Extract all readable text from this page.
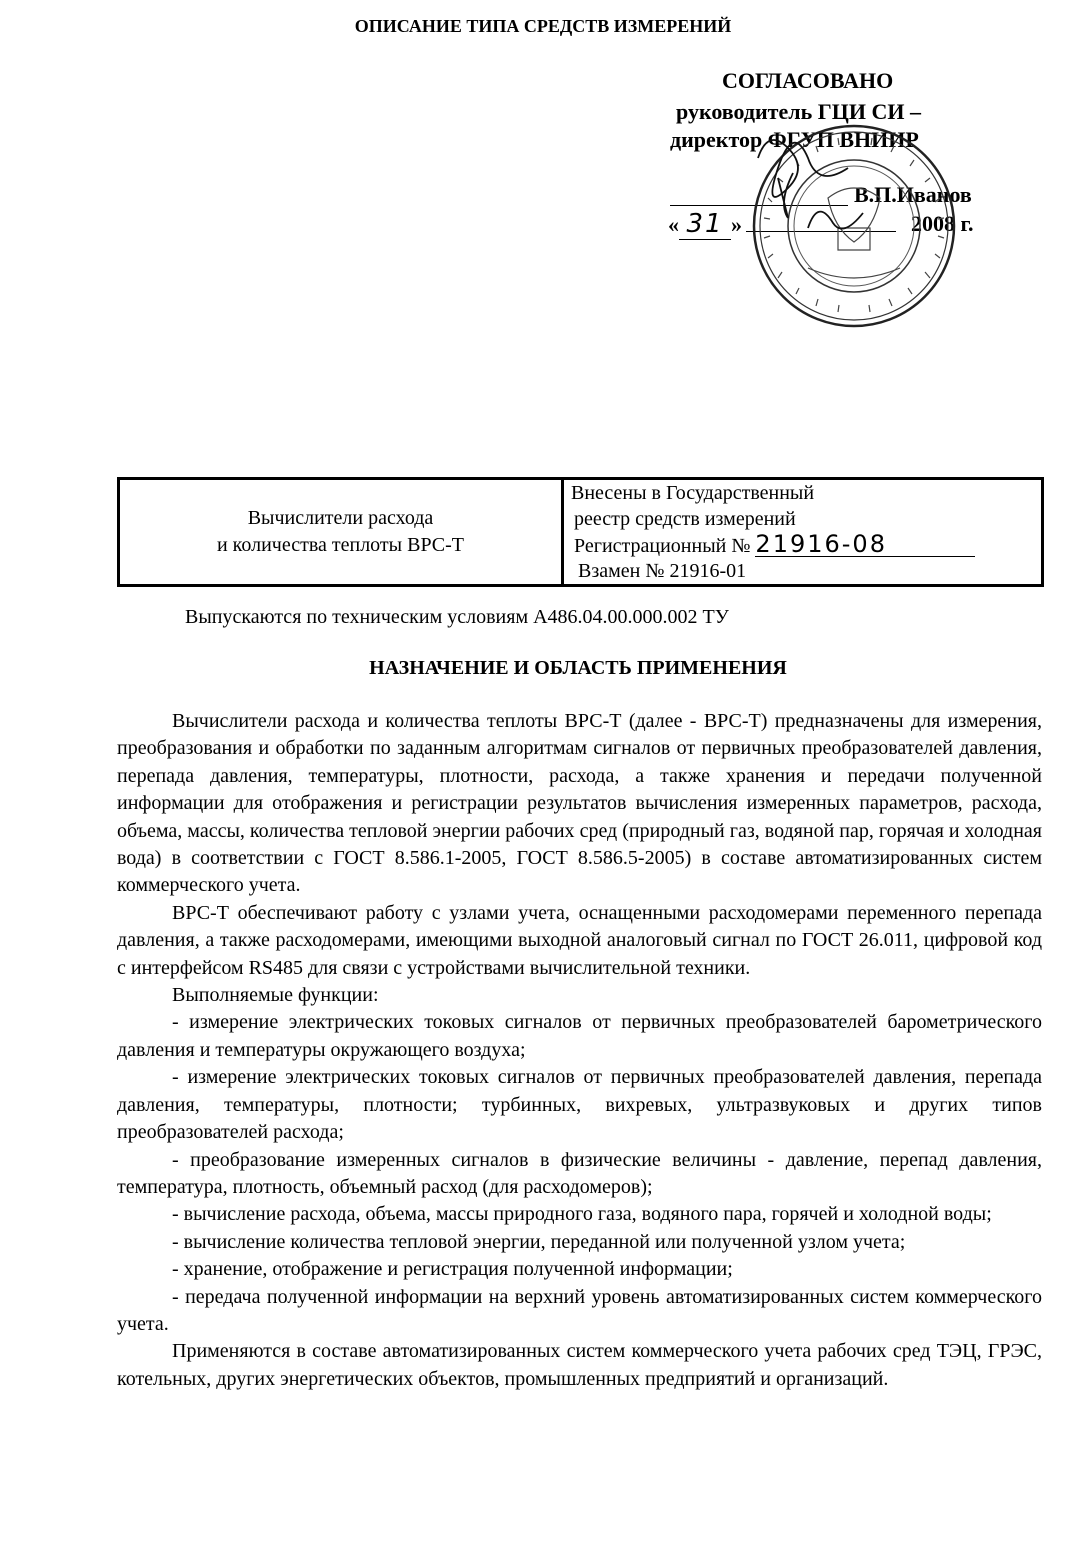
ОПИСАНИЕ ТИПА СРЕДСТВ ИЗМЕРЕНИЙ
СОГЛАСОВАНО
руководитель ГЦИ СИ –
директор ФГУП ВНИИР
В.П.Иванов
« 31 »	2008 г.
Вычислители расхода
и количества теплоты ВРС-Т
Внесены в Государственный
реестр средств измерений
Регистрационный № 21916-08
Взамен № 21916-01
Выпускаются по техническим условиям А486.04.00.000.002 ТУ
НАЗНАЧЕНИЕ И ОБЛАСТЬ ПРИМЕНЕНИЯ

Вычислители расхода и количества теплоты ВРС-Т (далее - ВРС-Т) предназначены для измерения, преобразования и обработки по заданным алгоритмам сигналов от первичных преобразователей давления, перепада давления, температуры, плотности, расхода, а также хранения и передачи полученной информации для отображения и регистрации результатов вычисления измеренных параметров, расхода, объема, массы, количества тепловой энергии рабочих сред (природный газ, водяной пар, горячая и холодная вода) в соответствии с ГОСТ 8.586.1-2005, ГОСТ 8.586.5-2005) в составе автоматизированных систем коммерческого учета.

ВРС-Т обеспечивают работу с узлами учета, оснащенными расходомерами переменного перепада давления, а также расходомерами, имеющими выходной аналоговый сигнал по ГОСТ 26.011, цифровой код с интерфейсом RS485 для связи с устройствами вычислительной техники.

Выполняемые функции:

- измерение электрических токовых сигналов от первичных преобразователей барометрического давления и температуры окружающего воздуха;

- измерение электрических токовых сигналов от первичных преобразователей давления, перепада давления, температуры, плотности; турбинных, вихревых, ультразвуковых и других типов преобразователей расхода;

- преобразование измеренных сигналов в физические величины - давление, перепад давления, температура, плотность, объемный расход (для расходомеров);

- вычисление расхода, объема, массы природного газа, водяного пара, горячей и холодной воды;

- вычисление количества тепловой энергии, переданной или полученной узлом учета;

- хранение, отображение и регистрация полученной информации;

- передача полученной информации на верхний уровень автоматизированных систем коммерческого учета.

Применяются в составе автоматизированных систем коммерческого учета рабочих сред ТЭЦ, ГРЭС, котельных, других энергетических объектов, промышленных предприятий и организаций.
